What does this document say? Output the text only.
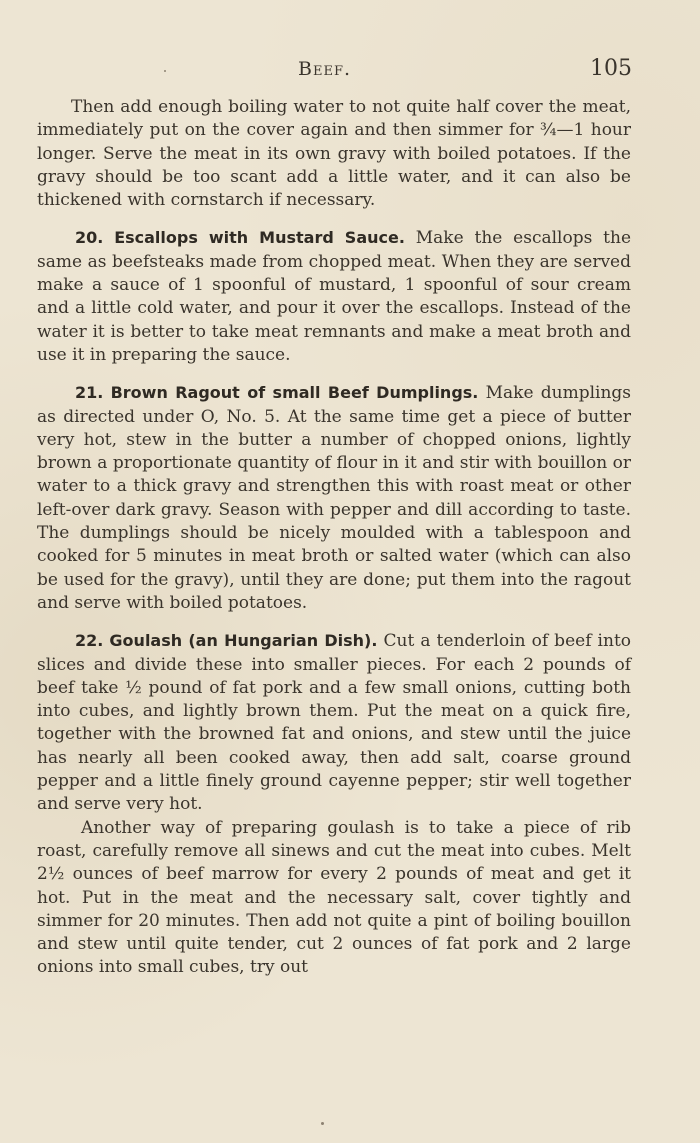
Beef.	105

Then add enough boiling water to not quite half cover the meat, immediately put on the cover again and then simmer for ¾—1 hour longer. Serve the meat in its own gravy with boiled potatoes. If the gravy should be too scant add a little water, and it can also be thickened with cornstarch if necessary.

20. Escallops with Mustard Sauce. Make the escallops the same as beefsteaks made from chopped meat. When they are served make a sauce of 1 spoonful of mustard, 1 spoonful of sour cream and a little cold water, and pour it over the escallops. Instead of the water it is better to take meat remnants and make a meat broth and use it in preparing the sauce.

21. Brown Ragout of small Beef Dumplings. Make dumplings as directed under O, No. 5. At the same time get a piece of butter very hot, stew in the butter a number of chopped onions, lightly brown a proportionate quantity of flour in it and stir with bouillon or water to a thick gravy and strengthen this with roast meat or other left-over dark gravy. Season with pepper and dill according to taste. The dumplings should be nicely moulded with a tablespoon and cooked for 5 minutes in meat broth or salted water (which can also be used for the gravy), until they are done; put them into the ragout and serve with boiled potatoes.

22. Goulash (an Hungarian Dish). Cut a tenderloin of beef into slices and divide these into smaller pieces. For each 2 pounds of beef take ½ pound of fat pork and a few small onions, cutting both into cubes, and lightly brown them. Put the meat on a quick fire, together with the browned fat and onions, and stew until the juice has nearly all been cooked away, then add salt, coarse ground pepper and a little finely ground cayenne pepper; stir well together and serve very hot.

Another way of preparing goulash is to take a piece of rib roast, carefully remove all sinews and cut the meat into cubes. Melt 2½ ounces of beef marrow for every 2 pounds of meat and get it hot. Put in the meat and the necessary salt, cover tightly and simmer for 20 minutes. Then add not quite a pint of boiling bouillon and stew until quite tender, cut 2 ounces of fat pork and 2 large onions into small cubes, try out
